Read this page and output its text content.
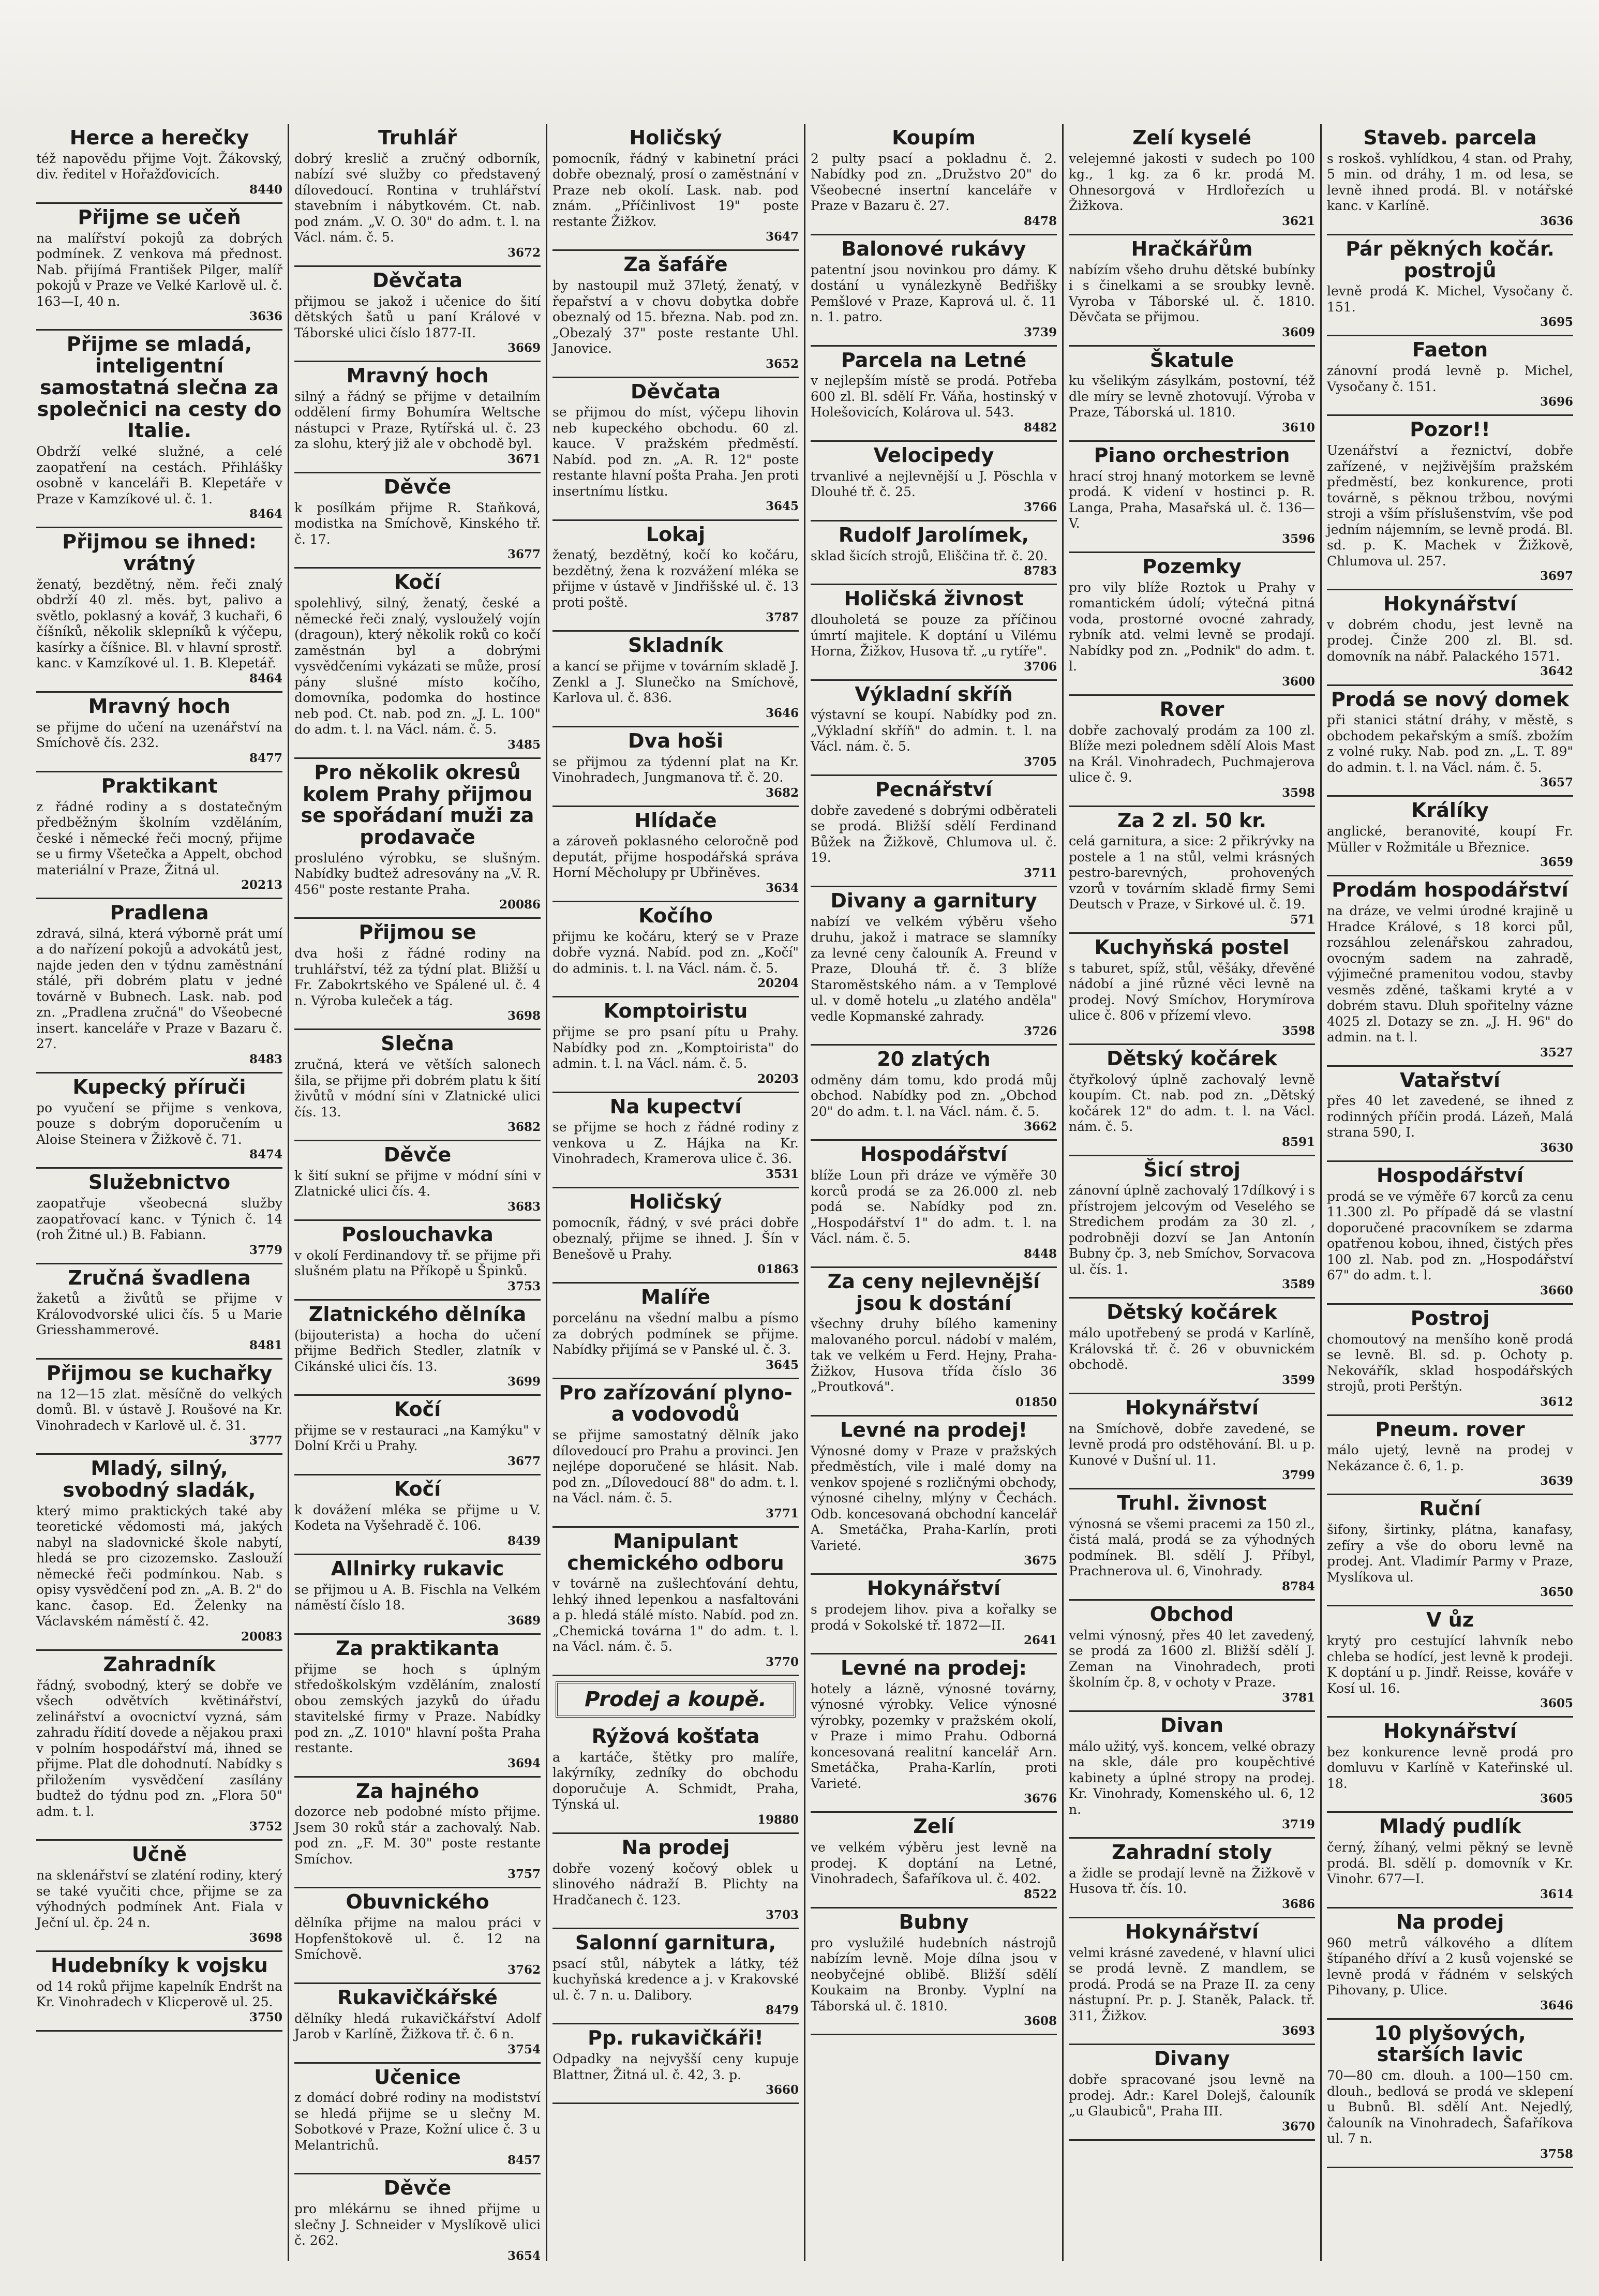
Herce a herečky
též napovědu přijme Vojt. Žákovský, div. ředitel v Hořažďovicích.
8440
Přijme se učeň
na malířství pokojů za dobrých podmínek. Z venkova má přednost. Nab. přijímá František Pilger, malíř pokojů v Praze ve Velké Karlově ul. č. 163—I, 40 n.
3636
Přijme se mladá, inteligentní samostatná slečna za společnici na cesty do Italie.
Obdrží velké služné, a celé zaopatření na cestách. Přihlášky osobně v kanceláři B. Klepetáře v Praze v Kamzíkové ul. č. 1.
8464
Přijmou se ihned: vrátný
ženatý, bezdětný, něm. řeči znalý obdrží 40 zl. měs. byt, palivo a světlo, poklasný a kovář, 3 kuchaři, 6 číšníků, několik sklepníků k výčepu, kasírky a číšnice. Bl. v hlavní sprostř. kanc. v Kamzíkové ul. 1. B. Klepetář.
8464
Mravný hoch
se přijme do učení na uzenářství na Smíchově čís. 232.
8477
Praktikant
z řádné rodiny a s dostatečným předběžným školním vzděláním, české i německé řeči mocný, přijme se u firmy Všetečka a Appelt, obchod materiální v Praze, Žitná ul.
20213
Pradlena
zdravá, silná, která výborně prát umí a do nařízení pokojů a advokátů jest, najde jeden den v týdnu zaměstnání stálé, při dobrém platu v jedné továrně v Bubnech. Lask. nab. pod zn. „Pradlena zručná" do Všeobecné insert. kanceláře v Praze v Bazaru č. 27.
8483
Kupecký příruči
po vyučení se přijme s venkova, pouze s dobrým doporučením u Aloise Steinera v Žižkově č. 71.
8474
Služebnictvo
zaopatřuje všeobecná služby zaopatřovací kanc. v Týnich č. 14 (roh Žitné ul.) B. Fabiann.
3779
Zručná švadlena
žaketů a živůtů se přijme v Královodvorské ulici čís. 5 u Marie Griesshammerové.
8481
Přijmou se kuchařky
na 12—15 zlat. měsíčně do velkých domů. Bl. v ústavě J. Roušové na Kr. Vinohradech v Karlově ul. č. 31.
3777
Mladý, silný, svobodný sladák,
který mimo praktických také aby teoretické vědomosti má, jakých nabyl na sladovnické škole nabytí, hledá se pro cizozemsko. Zaslouží německé řeči podmínkou. Nab. s opisy vysvědčení pod zn. „A. B. 2" do kanc. časop. Ed. Želenky na Václavském náměstí č. 42.
20083
Zahradník
řádný, svobodný, který se dobře ve všech odvětvích květinářství, zelinářství a ovocnictví vyzná, sám zahradu řídití dovede a nějakou praxi v polním hospodářství má, ihned se přijme. Plat dle dohodnutí. Nabídky s přiložením vysvědčení zasílány budtež do týdnu pod zn. „Flora 50" adm. t. l.
3752
Učně
na sklenářství se zlaténí rodiny, který se také vyučiti chce, přijme se za výhodných podmínek Ant. Fiala v Ječní ul. čp. 24 n.
3698
Hudebníky k vojsku
od 14 roků přijme kapelník Endršt na Kr. Vinohradech v Klicperově ul. 25.
3750
Truhlář
dobrý kreslič a zručný odborník, nabízí své služby co představený dílovedoucí. Rontina v truhlářství stavebním i nábytkovém. Ct. nab. pod znám. „V. O. 30" do adm. t. l. na Václ. nám. č. 5.
3672
Děvčata
přijmou se jakož i učenice do šití dětských šatů u paní Králové v Táborské ulici číslo 1877-II.
3669
Mravný hoch
silný a řádný se přijme v detailním oddělení firmy Bohumíra Weltsche nástupci v Praze, Rytířská ul. č. 23 za slohu, který již ale v obchodě byl.
3671
Děvče
k posílkám přijme R. Staňková, modistka na Smíchově, Kinského tř. č. 17.
3677
Kočí
spolehlivý, silný, ženatý, české a německé řeči znalý, vyslouželý vojín (dragoun), který několik roků co kočí zaměstnán byl a dobrými vysvědčeními vykázati se může, prosí pány slušné místo kočího, domovníka, podomka do hostince neb pod. Ct. nab. pod zn. „J. L. 100" do adm. t. l. na Václ. nám. č. 5.
3485
Pro několik okresů kolem Prahy přijmou se spořádaní muži za prodavače
prosluléno výrobku, se slušným. Nabídky budtež adresovány na „V. R. 456" poste restante Praha.
20086
Přijmou se
dva hoši z řádné rodiny na truhlářství, též za týdní plat. Bližší u Fr. Zabokrtského ve Spálené ul. č. 4 n. Výroba kuleček a tág.
3698
Slečna
zručná, která ve větších salonech šila, se přijme při dobrém platu k šití živůtů v módní síni v Zlatnické ulici čís. 13.
3682
Děvče
k šití sukní se přijme v módní síni v Zlatnické ulici čís. 4.
3683
Poslouchavka
v okolí Ferdinandovy tř. se přijme při slušném platu na Příkopě u Špinků.
3753
Zlatnického dělníka
(bijouterista) a hocha do učení přijme Bedřich Stedler, zlatník v Cikánské ulici čís. 13.
3699
Kočí
přijme se v restauraci „na Kamýku" v Dolní Krči u Prahy.
3677
Kočí
k dovážení mléka se přijme u V. Kodeta na Vyšehradě č. 106.
8439
Allnirky rukavic
se přijmou u A. B. Fischla na Velkém náměstí číslo 18.
3689
Za praktikanta
přijme se hoch s úplným středoškolským vzděláním, znalostí obou zemských jazyků do úřadu stavitelské firmy v Praze. Nabídky pod zn. „Z. 1010" hlavní pošta Praha restante.
3694
Za hajného
dozorce neb podobné místo přijme. Jsem 30 roků stár a zachovalý. Nab. pod zn. „F. M. 30" poste restante Smíchov.
3757
Obuvnického
dělníka přijme na malou práci v Hopfenštokově ul. č. 12 na Smíchově.
3762
Rukavičkářské
dělníky hledá rukavičkářství Adolf Jarob v Karlíně, Žižkova tř. č. 6 n.
3754
Učenice
z domácí dobré rodiny na modistství se hledá přijme se u slečny M. Sobotkové v Praze, Kožní ulice č. 3 u Melantrichů.
8457
Děvče
pro mlékárnu se ihned přijme u slečny J. Schneider v Myslíkově ulici č. 262.
3654
Holičský
pomocník, řádný v kabinetní práci dobře obeznalý, prosí o zaměstnání v Praze neb okolí. Lask. nab. pod znám. „Příčinlivost 19" poste restante Žižkov.
3647
Za šafáře
by nastoupil muž 37letý, ženatý, v řepařství a v chovu dobytka dobře obeznalý od 15. března. Nab. pod zn. „Obezalý 37" poste restante Uhl. Janovice.
3652
Děvčata
se přijmou do míst, výčepu lihovin neb kupeckého obchodu. 60 zl. kauce. V pražském předměstí. Nabíd. pod zn. „A. R. 12" poste restante hlavní pošta Praha. Jen proti insertnímu lístku.
3645
Lokaj
ženatý, bezdětný, kočí ko kočáru, bezdětný, žena k rozvážení mléka se přijme v ústavě v Jindřišské ul. č. 13 proti poště.
3787
Skladník
a kancí se přijme v továrním skladě J. Zenkl a J. Slunečko na Smíchově, Karlova ul. č. 836.
3646
Dva hoši
se přijmou za týdenní plat na Kr. Vinohradech, Jungmanova tř. č. 20.
3682
Hlídače
a zároveň poklasného celoročně pod deputát, přijme hospodářská správa Horní Měcholupy pr Ubřiněves.
3634
Kočího
přijmu ke kočáru, který se v Praze dobře vyzná. Nabíd. pod zn. „Kočí" do adminis. t. l. na Václ. nám. č. 5.
20204
Komptoiristu
přijme se pro psaní pítu u Prahy. Nabídky pod zn. „Komptoirista" do admin. t. l. na Václ. nám. č. 5.
20203
Na kupectví
se přijme se hoch z řádné rodiny z venkova u Z. Hájka na Kr. Vinohradech, Kramerova ulice č. 36.
3531
Holičský
pomocník, řádný, v své práci dobře obeznalý, přijme se ihned. J. Šín v Benešově u Prahy.
01863
Malíře
porcelánu na všední malbu a písmo za dobrých podmínek se přijme. Nabídky přijímá se v Panské ul. č. 3.
3645
Pro zařízování plyno- a vodovodů
se přijme samostatný dělník jako dílovedoucí pro Prahu a provinci. Jen nejlépe doporučené se hlásit. Nab. pod zn. „Dílovedoucí 88" do adm. t. l. na Václ. nám. č. 5.
3771
Manipulant chemického odboru
v továrně na zušlechťování dehtu, lehký ihned lepenkou a nasfaltováni a p. hledá stálé místo. Nabíd. pod zn. „Chemická továrna 1" do adm. t. l. na Václ. nám. č. 5.
3770
Prodej a koupě.
Rýžová košťata
a kartáče, štětky pro malíře, lakýrníky, zedníky do obchodu doporučuje A. Schmidt, Praha, Týnská ul.
19880
Na prodej
dobře vozený kočový oblek u slinového nádraží B. Plichty na Hradčanech č. 123.
3703
Salonní garnitura,
psací stůl, nábytek a látky, též kuchyňská kredence a j. v Krakovské ul. č. 7 n. u. Dalibory.
8479
Pp. rukavičkáři!
Odpadky na nejvyšší ceny kupuje Blattner, Žitná ul. č. 42, 3. p.
3660
Koupím
2 pulty psací a pokladnu č. 2. Nabídky pod zn. „Družstvo 20" do Všeobecné insertní kanceláře v Praze v Bazaru č. 27.
8478
Balonové rukávy
patentní jsou novinkou pro dámy. K dostání u vynálezkyně Bedřišky Pemšlové v Praze, Kaprová ul. č. 11 n. 1. patro.
3739
Parcela na Letné
v nejlepším místě se prodá. Potřeba 600 zl. Bl. sdělí Fr. Váňa, hostinský v Holešovicích, Kolárova ul. 543.
8482
Velocipedy
trvanlivé a nejlevnější u J. Pöschla v Dlouhé tř. č. 25.
3766
Rudolf Jarolímek,
sklad šicích strojů, Eliščina tř. č. 20.
8783
Holičská živnost
dlouholetá se pouze za příčinou úmrtí majitele. K doptání u Vilému Horna, Žižkov, Husova tř. „u rytíře".
3706
Výkladní skříň
výstavní se koupí. Nabídky pod zn. „Výkladní skříň" do admin. t. l. na Václ. nám. č. 5.
3705
Pecnářství
dobře zavedené s dobrými odběrateli se prodá. Bližší sdělí Ferdinand Bůžek na Žižkově, Chlumova ul. č. 19.
3711
Divany a garnitury
nabízí ve velkém výběru všeho druhu, jakož i matrace se slamníky za levné ceny čalouník A. Freund v Praze, Dlouhá tř. č. 3 blíže Staroměstského nám. a v Templové ul. v domě hotelu „u zlatého anděla" vedle Kopmanské zahrady.
3726
20 zlatých
odměny dám tomu, kdo prodá můj obchod. Nabídky pod zn. „Obchod 20" do adm. t. l. na Václ. nám. č. 5.
3662
Hospodářství
blíže Loun při dráze ve výměře 30 korců prodá se za 26.000 zl. neb podá se. Nabídky pod zn. „Hospodářství 1" do adm. t. l. na Václ. nám. č. 5.
8448
Za ceny nejlevnější jsou k dostání
všechny druhy bílého kameniny malovaného porcul. nádobí v malém, tak ve velkém u Ferd. Hejny, Praha-Žižkov, Husova třída číslo 36 „Proutková".
01850
Levné na prodej!
Výnosné domy v Praze v pražských předměstích, vile i malé domy na venkov spojené s rozličnými obchody, výnosné cihelny, mlýny v Čechách. Odb. koncesovaná obchodní kancelář A. Smetáčka, Praha-Karlín, proti Varieté.
3675
Hokynářství
s prodejem lihov. piva a kořalky se prodá v Sokolské tř. 1872—II.
2641
Levné na prodej:
hotely a lázně, výnosné továrny, výnosné výrobky. Velice výnosné výrobky, pozemky v pražském okolí, v Praze i mimo Prahu. Odborná koncesovaná realitní kancelář Arn. Smetáčka, Praha-Karlín, proti Varieté.
3676
Zelí
ve velkém výběru jest levně na prodej. K doptání na Letné, Vinohradech, Šafaříkova ul. č. 402.
8522
Bubny
pro vyslužilé hudebních nástrojů nabízím levně. Moje dílna jsou v neobyčejné oblibě. Bližší sdělí Koukaim na Bronby. Vyplní na Táborská ul. č. 1810.
3608
Zelí kyselé
velejemné jakosti v sudech po 100 kg., 1 kg. za 6 kr. prodá M. Ohnesorgová v Hrdlořezích u Žižkova.
3621
Hračkářům
nabízím všeho druhu dětské bubínky i s činelkami a se sroubky levně. Vyroba v Táborské ul. č. 1810. Děvčata se přijmou.
3609
Škatule
ku všelikým zásylkám, postovní, též dle míry se levně zhotovují. Výroba v Praze, Táborská ul. 1810.
3610
Piano orchestrion
hrací stroj hnaný motorkem se levně prodá. K videní v hostinci p. R. Langa, Praha, Masařská ul. č. 136—V.
3596
Pozemky
pro vily blíže Roztok u Prahy v romantickém údolí; výtečná pitná voda, prostorné ovocné zahrady, rybník atd. velmi levně se prodají. Nabídky pod zn. „Podnik" do adm. t. l.
3600
Rover
dobře zachovalý prodám za 100 zl. Blíže mezi polednem sdělí Alois Mast na Král. Vinohradech, Puchmajerova ulice č. 9.
3598
Za 2 zl. 50 kr.
celá garnitura, a sice: 2 přikrývky na postele a 1 na stůl, velmi krásných pestro-barevných, prohovených vzorů v továrním skladě firmy Semi Deutsch v Praze, v Sirkové ul. č. 19.
571
Kuchyňská postel
s taburet, spíž, stůl, věšáky, dřevěné nádobí a jiné různé věci levně na prodej. Nový Smíchov, Horymírova ulice č. 806 v přízemí vlevo.
3598
Dětský kočárek
čtyřkolový úplně zachovalý levně koupím. Ct. nab. pod zn. „Dětský kočárek 12" do adm. t. l. na Václ. nám. č. 5.
8591
Šicí stroj
zánovní úplně zachovalý 17dílkový i s přístrojem jelcovým od Veselého se Stredichem prodám za 30 zl. , podrobněji dozví se Jan Antonín Bubny čp. 3, neb Smíchov, Sorvacova ul. čís. 1.
3589
Dětský kočárek
málo upotřebený se prodá v Karlíně, Královská tř. č. 26 v obuvnickém obchodě.
3599
Hokynářství
na Smíchově, dobře zavedené, se levně prodá pro odstěhování. Bl. u p. Kunové v Dušní ul. 11.
3799
Truhl. živnost
výnosná se všemi pracemi za 150 zl., čistá malá, prodá se za výhodných podmínek. Bl. sdělí J. Příbyl, Prachnerova ul. 6, Vinohrady.
8784
Obchod
velmi výnosný, přes 40 let zavedený, se prodá za 1600 zl. Bližší sdělí J. Zeman na Vinohradech, proti školním čp. 8, v ochoty v Praze.
3781
Divan
málo užitý, vyš. koncem, velké obrazy na skle, dále pro koupěchtivé kabinety a úplné stropy na prodej. Kr. Vinohrady, Komenského ul. 6, 12 n.
3719
Zahradní stoly
a židle se prodají levně na Žižkově v Husova tř. čís. 10.
3686
Hokynářství
velmi krásné zavedené, v hlavní ulici se prodá levně. Z mandlem, se prodá. Prodá se na Praze II. za ceny nástupní. Pr. p. J. Staněk, Palack. tř. 311, Žižkov.
3693
Divany
dobře spracované jsou levně na prodej. Adr.: Karel Dolejš, čalouník „u Glaubiců", Praha III.
3670
Staveb. parcela
s roskoš. vyhlídkou, 4 stan. od Prahy, 5 min. od dráhy, 1 m. od lesa, se levně ihned prodá. Bl. v notářské kanc. v Karlíně.
3636
Pár pěkných kočár. postrojů
levně prodá K. Michel, Vysočany č. 151.
3695
Faeton
zánovní prodá levně p. Michel, Vysočany č. 151.
3696
Pozor!!
Uzenářství a řeznictví, dobře zařízené, v nejživějším pražském předměstí, bez konkurence, proti továrně, s pěknou tržbou, novými stroji a vším příslušenstvím, vše pod jedním nájemním, se levně prodá. Bl. sd. p. K. Machek v Žižkově, Chlumova ul. 257.
3697
Hokynářství
v dobrém chodu, jest levně na prodej. Činže 200 zl. Bl. sd. domovník na nábř. Palackého 1571.
3642
Prodá se nový domek
při stanici státní dráhy, v městě, s obchodem pekařským a smíš. zbožím z volné ruky. Nab. pod zn. „L. T. 89" do admin. t. l. na Václ. nám. č. 5.
3657
Králíky
anglické, beranovité, koupí Fr. Müller v Rožmitále u Březnice.
3659
Prodám hospodářství
na dráze, ve velmi úrodné krajině u Hradce Králové, s 18 korci půl, rozsáhlou zelenářskou zahradou, ovocným sadem na zahradě, výjimečné pramenitou vodou, stavby vesměs zděné, taškami kryté a v dobrém stavu. Dluh spořitelny vázne 4025 zl. Dotazy se zn. „J. H. 96" do admin. na t. l.
3527
Vatařství
přes 40 let zavedené, se ihned z rodinných příčin prodá. Lázeň, Malá strana 590, I.
3630
Hospodářství
prodá se ve výměře 67 korců za cenu 11.300 zl. Po případě dá se vlastní doporučené pracovníkem se zdarma opatřenou kobou, ihned, čistých přes 100 zl. Nab. pod zn. „Hospodářství 67" do adm. t. l.
3660
Postroj
chomoutový na menšího koně prodá se levně. Bl. sd. p. Ochoty p. Nekovářík, sklad hospodářských strojů, proti Perštýn.
3612
Pneum. rover
málo ujetý, levně na prodej v Nekázance č. 6, 1. p.
3639
Ruční
šifony, širtinky, plátna, kanafasy, zefíry a vše do oboru levně na prodej. Ant. Vladimír Parmy v Praze, Myslíkova ul.
3650
V ůz
krytý pro cestující lahvník nebo chleba se hodící, jest levně k prodeji. K doptání u p. Jindř. Reisse, kováře v Kosí ul. 16.
3605
Hokynářství
bez konkurence levně prodá pro domluvu v Karlíně v Kateřinské ul. 18.
3605
Mladý pudlík
černý, žíhaný, velmi pěkný se levně prodá. Bl. sdělí p. domovník v Kr. Vinohr. 677—I.
3614
Na prodej
960 metrů válkového a dlítem štípaného dříví a 2 kusů vojenské se levně prodá v řádném v selských Pihovany, p. Ulice.
3646
10 plyšových, starších lavic
70—80 cm. dlouh. a 100—150 cm. dlouh., bedlová se prodá ve sklepení u Bubnů. Bl. sdělí Ant. Nejedlý, čalouník na Vinohradech, Šafaříkova ul. 7 n.
3758
